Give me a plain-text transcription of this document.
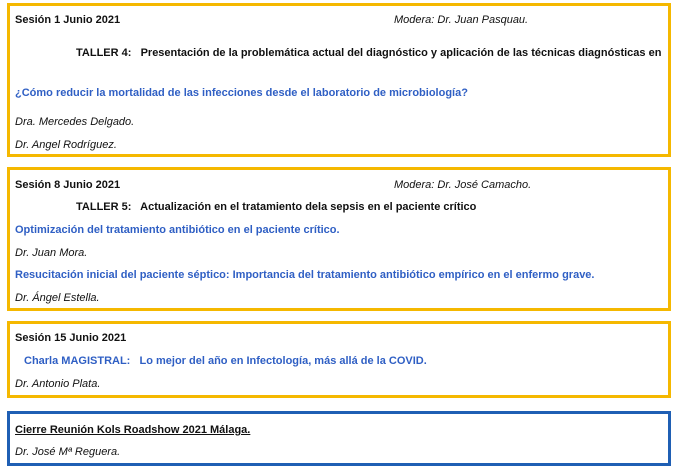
Sesión 1 Junio 2021	Modera: Dr. Juan Pasquau.
TALLER 4:   Presentación de la problemática actual del diagnóstico y aplicación de las técnicas diagnósticas en
¿Cómo reducir la mortalidad de las infecciones desde el laboratorio de microbiología?
Dra. Mercedes Delgado.
Dr. Angel Rodríguez.
Sesión 8 Junio 2021	Modera: Dr. José Camacho.
TALLER 5:   Actualización en el tratamiento dela sepsis en el paciente crítico
Optimización del tratamiento antibiótico en el paciente crítico.
Dr. Juan Mora.
Resucitación inicial del paciente séptico: Importancia del tratamiento antibiótico empírico en el enfermo grave.
Dr. Ángel Estella.
Sesión 15 Junio 2021
Charla MAGISTRAL:   Lo mejor del año en Infectología, más allá de la COVID.
Dr. Antonio Plata.
Cierre Reunión Kols Roadshow 2021 Málaga.
Dr. José Mª Reguera.
